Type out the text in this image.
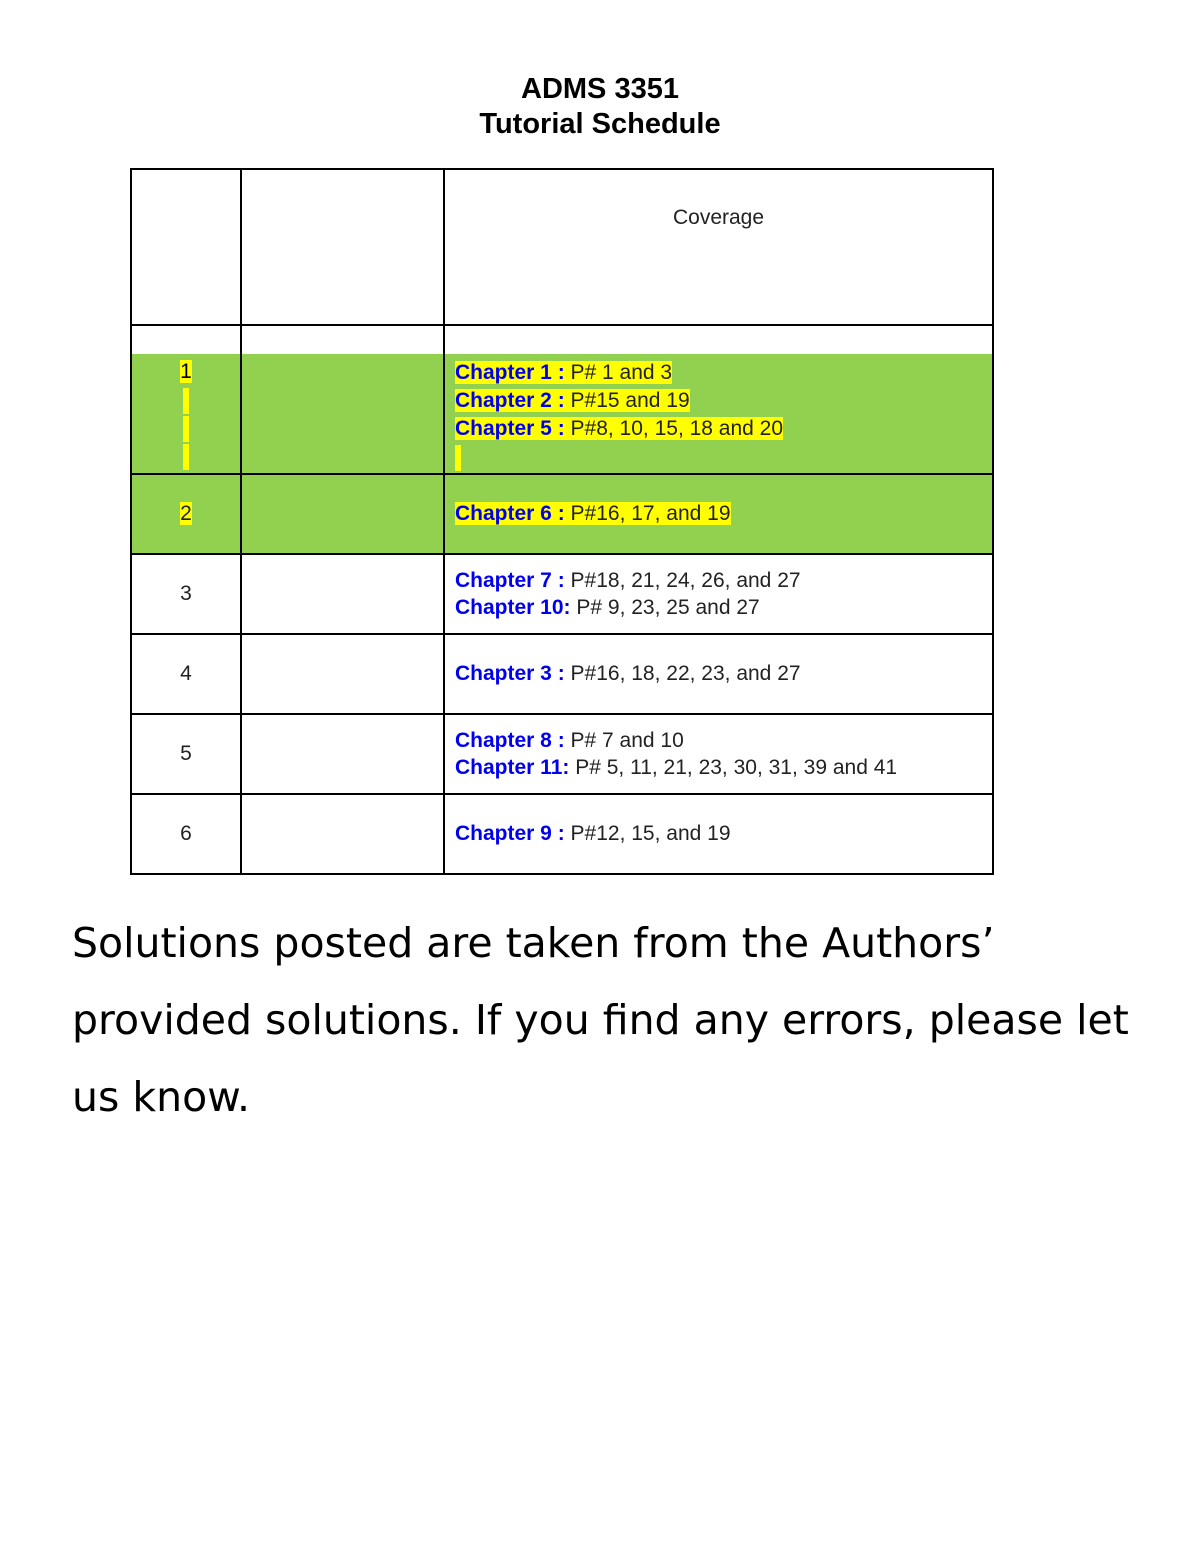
ADMS 3351
Tutorial Schedule
		Coverage

1		Chapter 1 : P# 1 and 3
Chapter 2 : P#15 and 19
Chapter 5 : P#8, 10, 15, 18 and 20

2		Chapter 6 : P#16, 17, and 19

3		Chapter 7 : P#18, 21, 24, 26, and 27
Chapter 10: P# 9, 23, 25 and 27

4		Chapter 3 : P#16, 18, 22, 23, and 27

5		Chapter 8 : P# 7 and 10
Chapter 11: P# 5, 11, 21, 23, 30, 31, 39 and 41

6		Chapter 9 : P#12, 15, and 19
Solutions posted are taken from the Authors’ provided solutions. If you find any errors, please let us know.
